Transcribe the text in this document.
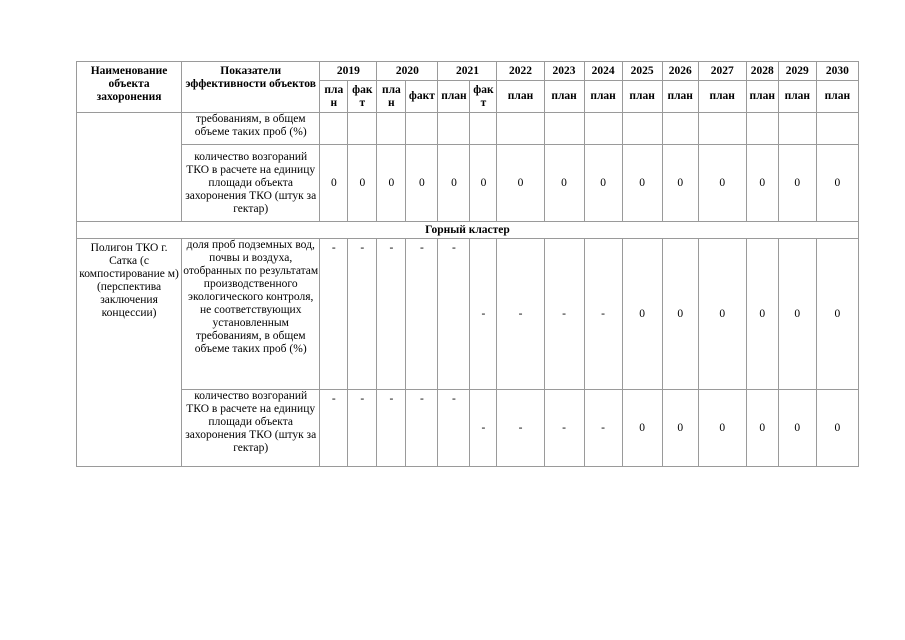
Наименование объекта захоронения	Показатели эффективности объектов	2019		2020		2021		2022	2023	2024	2025	2026	2027	2028	2029	2030
		пла н	фак т	пла н	факт	план	фак т	план	план	план	план	план	план	план	план	план
	требованиям, в общем объеме таких проб (%)															
	количество возгораний ТКО в расчете на единицу площади объекта захоронения ТКО (штук за гектар)	0	0	0	0	0	0	0	0	0	0	0	0	0	0	0
Горный кластер																
Полигон ТКО г. Сатка (с компостирование м)(перспектива заключения концессии)	доля проб подземных вод, почвы и воздуха, отобранных по результатам производственного экологического контроля, не соответствующих установленным требованиям, в общем объеме таких проб (%)	-	-	-	-	-	-	-	-	-	0	0	0	0	0	0
	количество возгораний ТКО в расчете на единицу площади объекта захоронения ТКО (штук за гектар)	-	-	-	-	-	-	-	-	-	0	0	0	0	0	0
